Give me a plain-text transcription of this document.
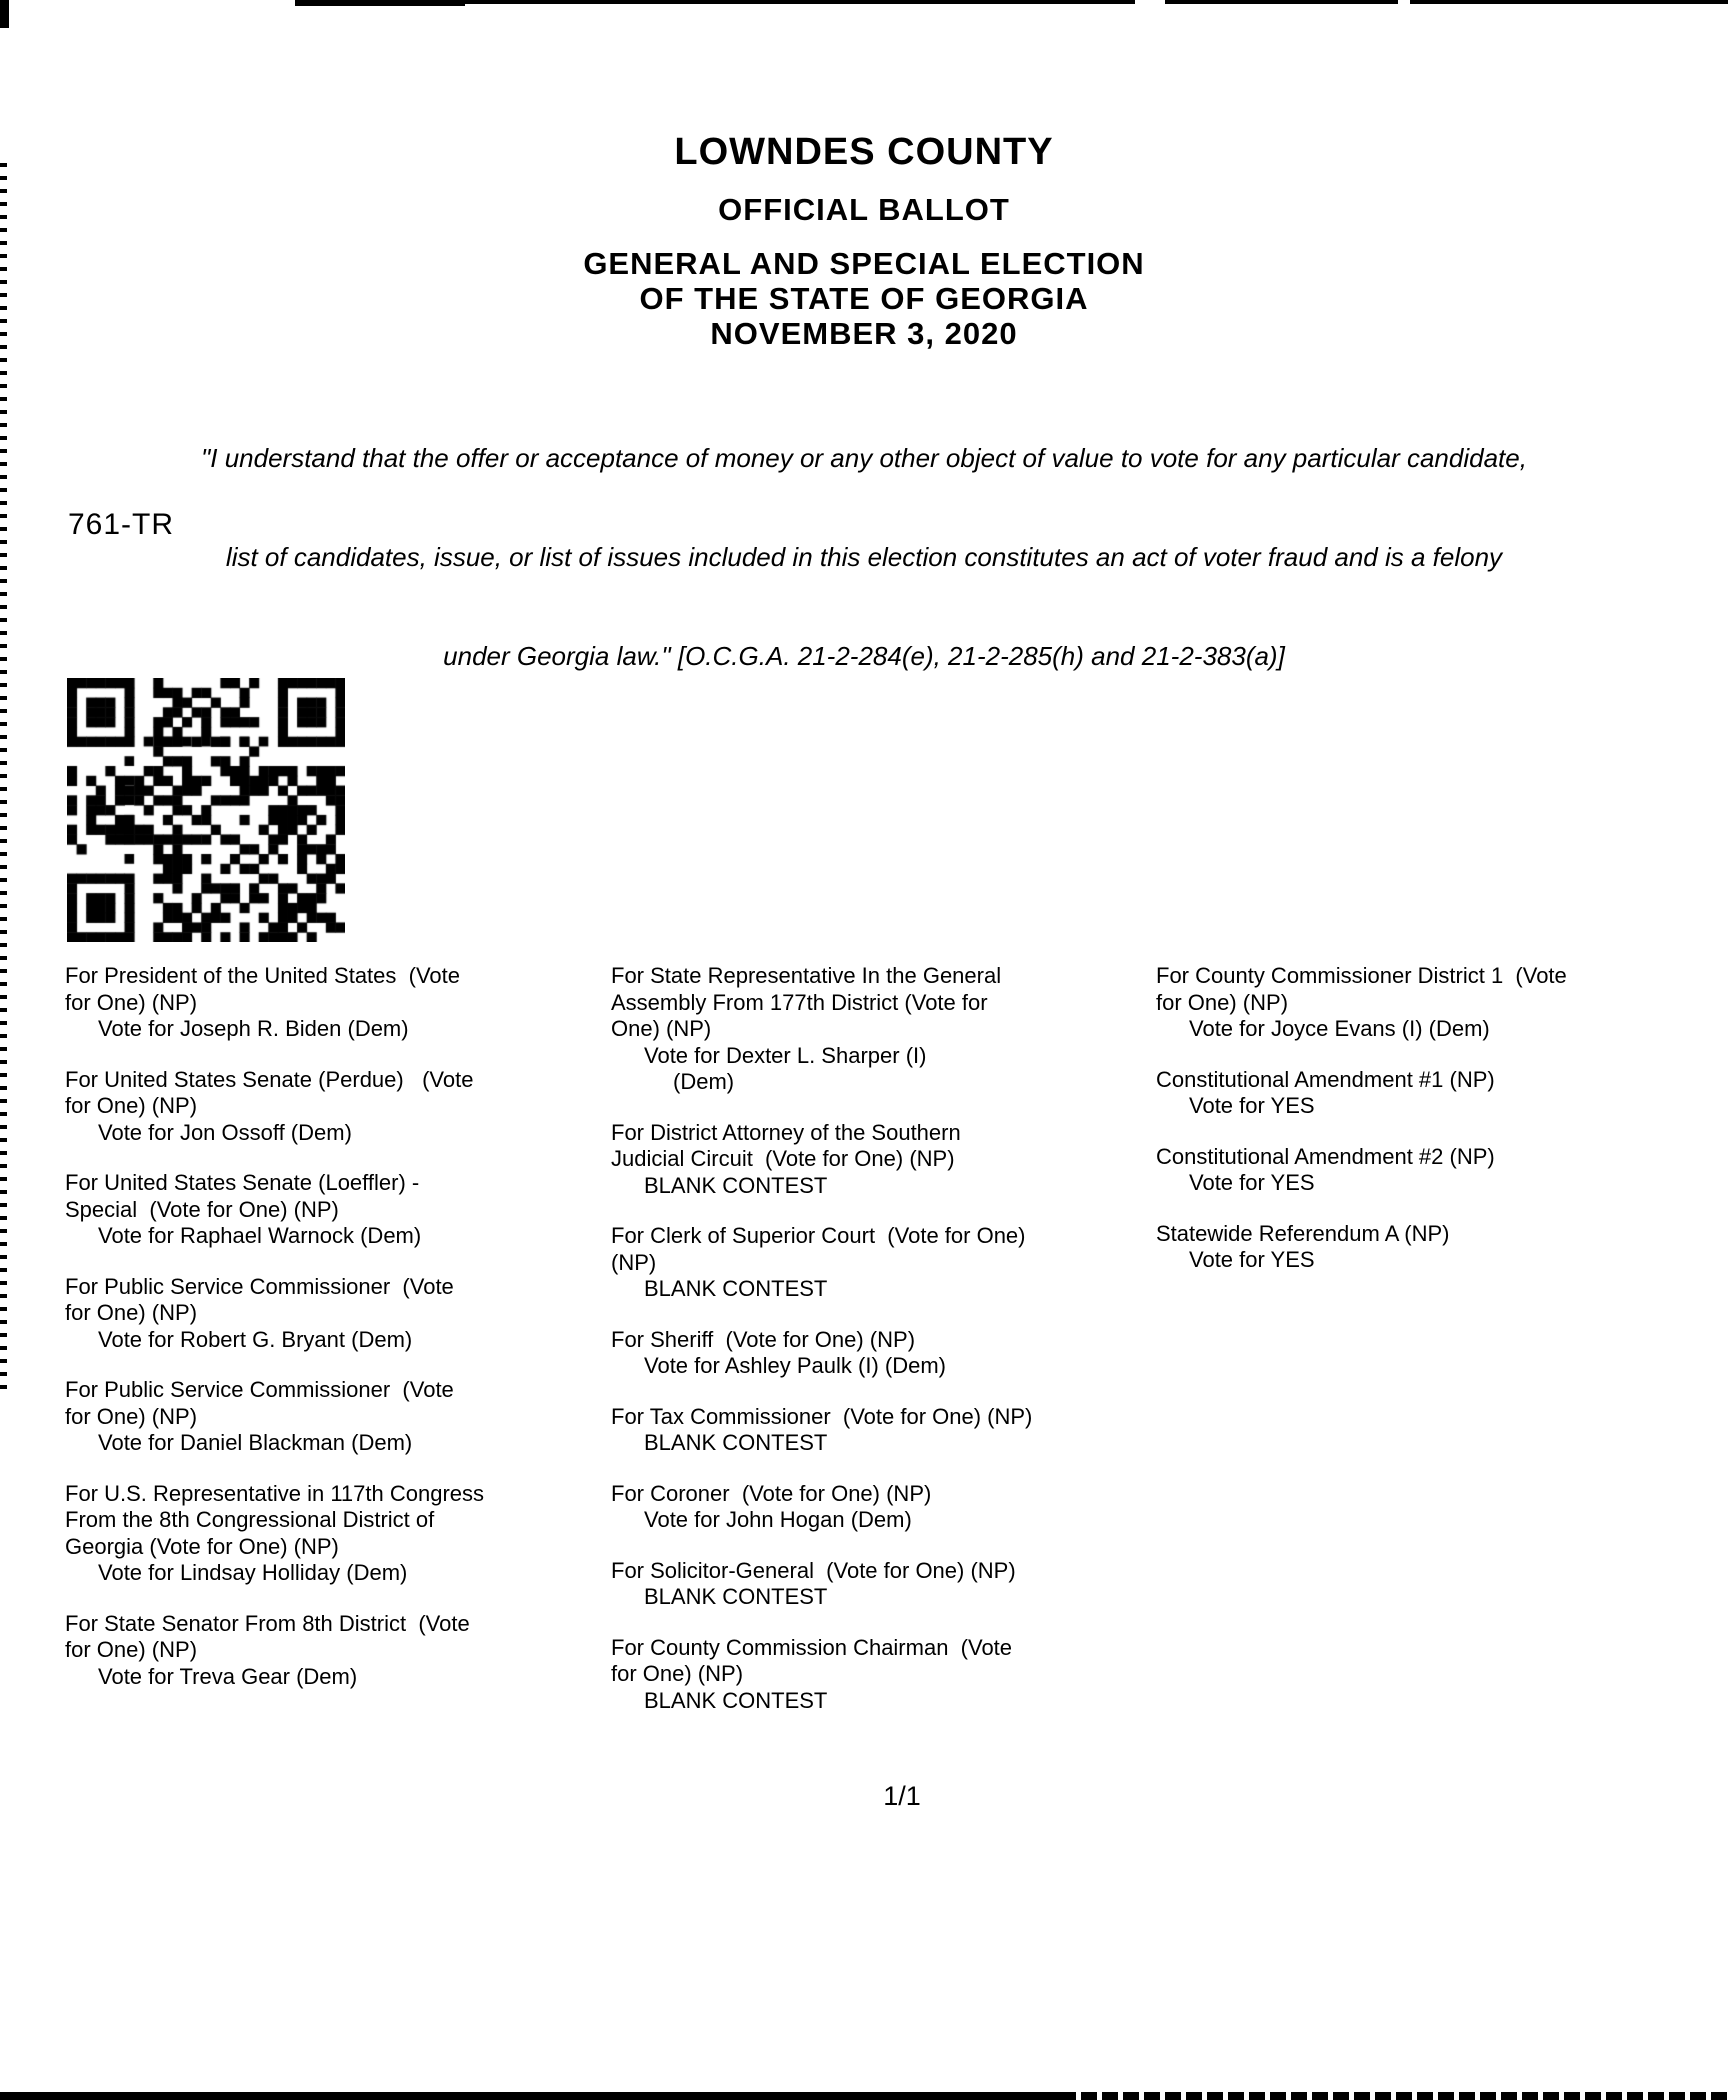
LOWNDES COUNTY
OFFICIAL BALLOT
GENERAL AND SPECIAL ELECTION
OF THE STATE OF GEORGIA
NOVEMBER 3, 2020

"I understand that the offer or acceptance of money or any other object of value to vote for any particular candidate,

list of candidates, issue, or list of issues included in this election constitutes an act of voter fraud and is a felony

under Georgia law." [O.C.G.A. 21-2-284(e), 21-2-285(h) and 21-2-383(a)]

761-TR
For President of the United States  (Vote
for One) (NP)
Vote for Joseph R. Biden (Dem)
For United States Senate (Perdue)   (Vote
for One) (NP)
Vote for Jon Ossoff (Dem)
For United States Senate (Loeffler) -
Special  (Vote for One) (NP)
Vote for Raphael Warnock (Dem)
For Public Service Commissioner  (Vote
for One) (NP)
Vote for Robert G. Bryant (Dem)
For Public Service Commissioner  (Vote
for One) (NP)
Vote for Daniel Blackman (Dem)
For U.S. Representative in 117th Congress
From the 8th Congressional District of
Georgia (Vote for One) (NP)
Vote for Lindsay Holliday (Dem)
For State Senator From 8th District  (Vote
for One) (NP)
Vote for Treva Gear (Dem)
For State Representative In the General
Assembly From 177th District (Vote for
One) (NP)
Vote for Dexter L. Sharper (I)
(Dem)
For District Attorney of the Southern
Judicial Circuit  (Vote for One) (NP)
BLANK CONTEST
For Clerk of Superior Court  (Vote for One)
(NP)
BLANK CONTEST
For Sheriff  (Vote for One) (NP)
Vote for Ashley Paulk (I) (Dem)
For Tax Commissioner  (Vote for One) (NP)
BLANK CONTEST
For Coroner  (Vote for One) (NP)
Vote for John Hogan (Dem)
For Solicitor-General  (Vote for One) (NP)
BLANK CONTEST
For County Commission Chairman  (Vote
for One) (NP)
BLANK CONTEST
For County Commissioner District 1  (Vote
for One) (NP)
Vote for Joyce Evans (I) (Dem)
Constitutional Amendment #1 (NP)
Vote for YES
Constitutional Amendment #2 (NP)
Vote for YES
Statewide Referendum A (NP)
Vote for YES
1/1
